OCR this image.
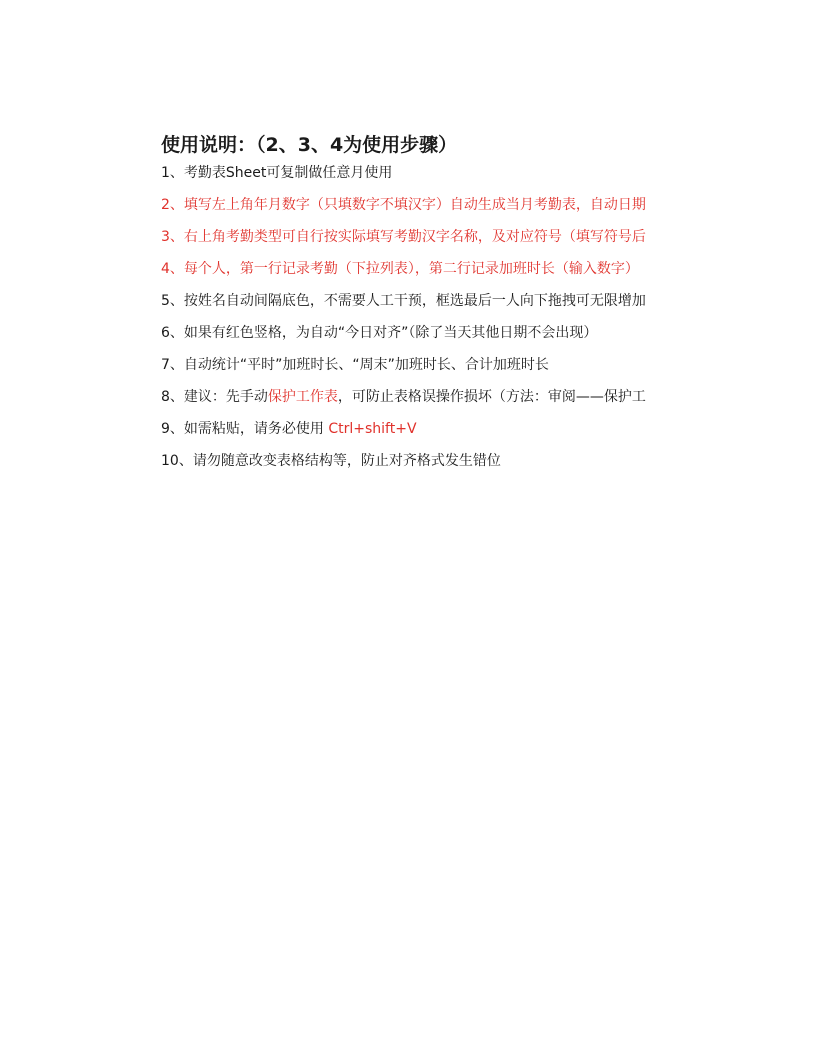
使用说明：（2、3、4为使用步骤）
1、考勤表Sheet可复制做任意月使用
2、填写左上角年月数字（只填数字不填汉字）自动生成当月考勤表，自动日期
3、右上角考勤类型可自行按实际填写考勤汉字名称，及对应符号（填写符号后
4、每个人，第一行记录考勤（下拉列表），第二行记录加班时长（输入数字）
5、按姓名自动间隔底色，不需要人工干预，框选最后一人向下拖拽可无限增加
6、如果有红色竖格，为自动“今日对齐”（除了当天其他日期不会出现）
7、自动统计“平时”加班时长、“周末”加班时长、合计加班时长
8、建议：先手动保护工作表，可防止表格误操作损坏（方法：审阅——保护工
9、如需粘贴，请务必使用 Ctrl+shift+V
10、请勿随意改变表格结构等，防止对齐格式发生错位
